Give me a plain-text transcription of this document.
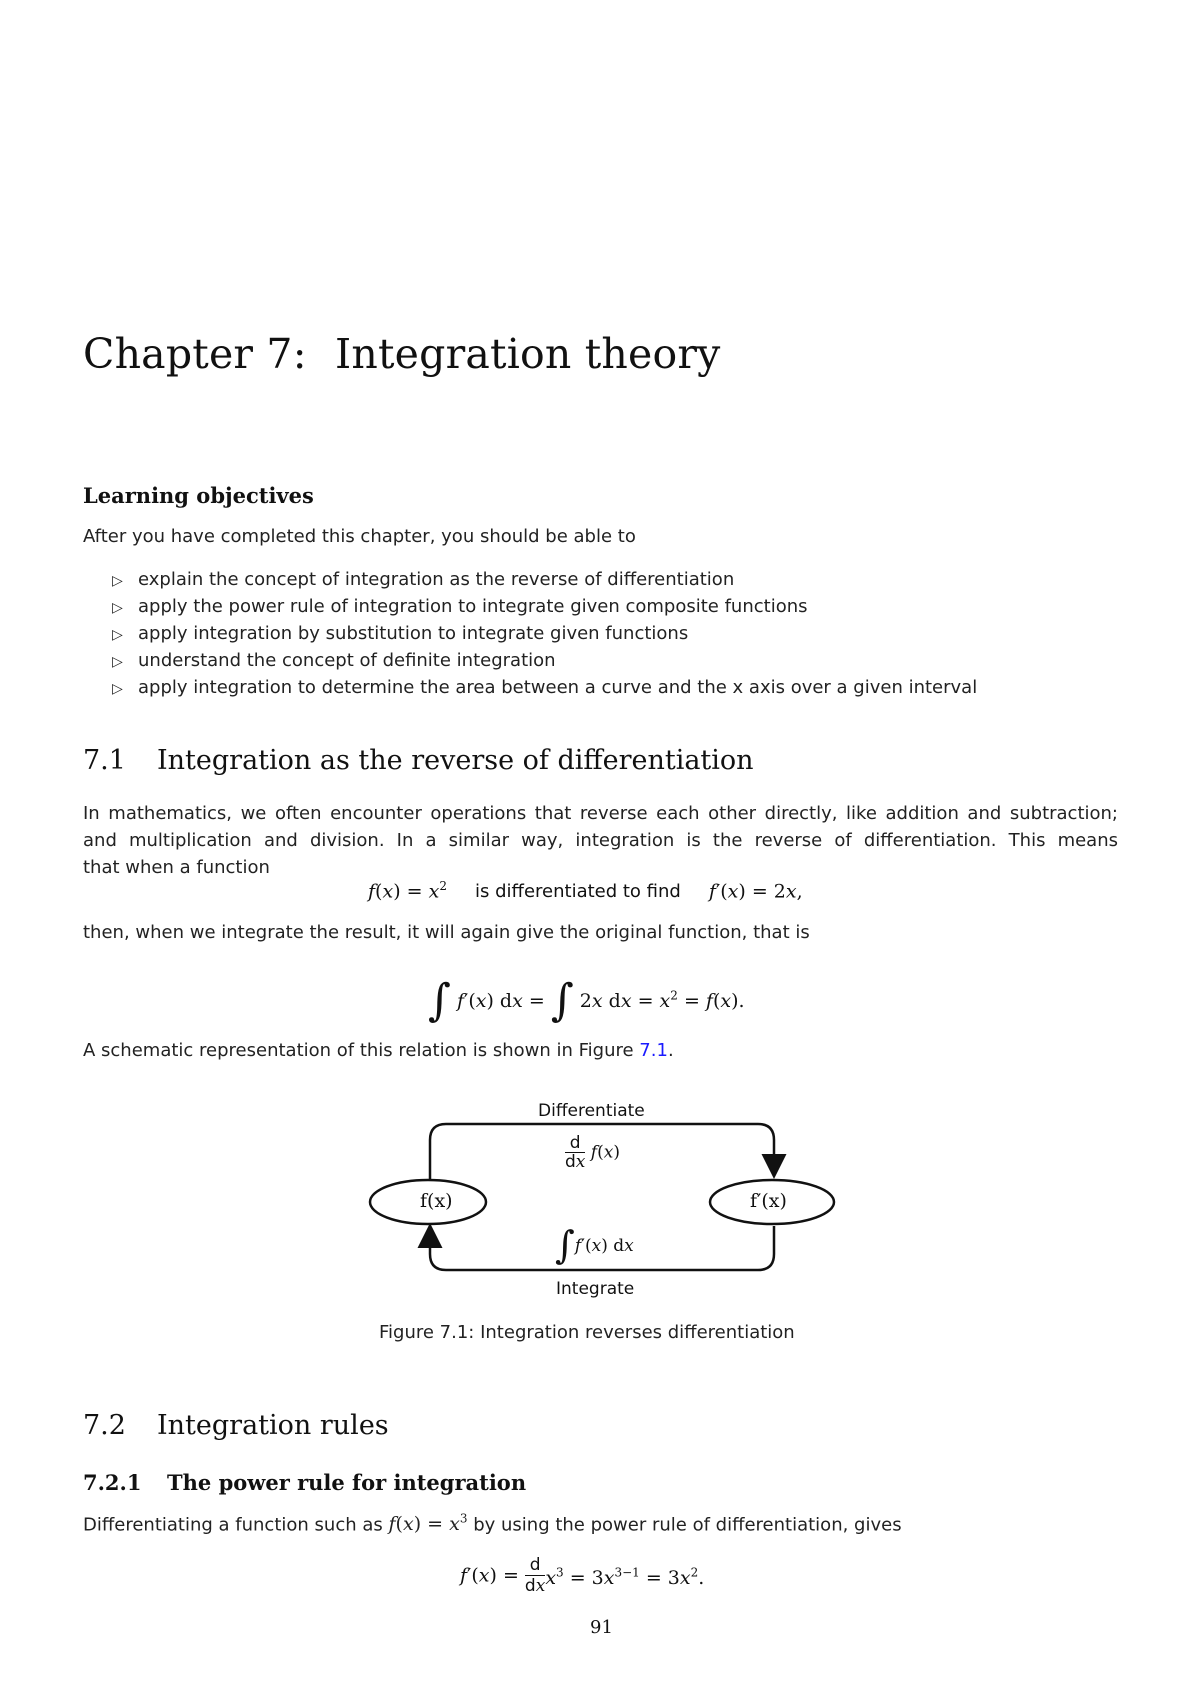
Chapter 7: Integration theory
Learning objectives
After you have completed this chapter, you should be able to
▷ explain the concept of integration as the reverse of differentiation
▷ apply the power rule of integration to integrate given composite functions
▷ apply integration by substitution to integrate given functions
▷ understand the concept of definite integration
▷ apply integration to determine the area between a curve and the x axis over a given interval
7.1 Integration as the reverse of differentiation
In mathematics, we often encounter operations that reverse each other directly, like addition and subtraction;
and multiplication and division. In a similar way, integration is the reverse of differentiation. This means
that when a function
$f(x) = x^2$ is differentiated to find f′(x) = 2x,
then, when we integrate the result, it will again give the original function, that is
∫ f′(x) dx = ∫ 2x dx = $x^2 = f(x)$.
A schematic representation of this relation is shown in Figure 7.1.
Differentiate
f(x)	f′(x)
$\frac{d}{dx} f(x)$
∫f′(x) dx
Integrate
Figure 7.1: Integration reverses differentiation
7.2 Integration rules
7.2.1 The power rule for integration
Differentiating a function such as $f(x) = x^3$ by using the power rule of differentiation, gives
$f'(x) = \frac{d}{dx} x^3 = 3x^{3-1} = 3x^2$.
91
